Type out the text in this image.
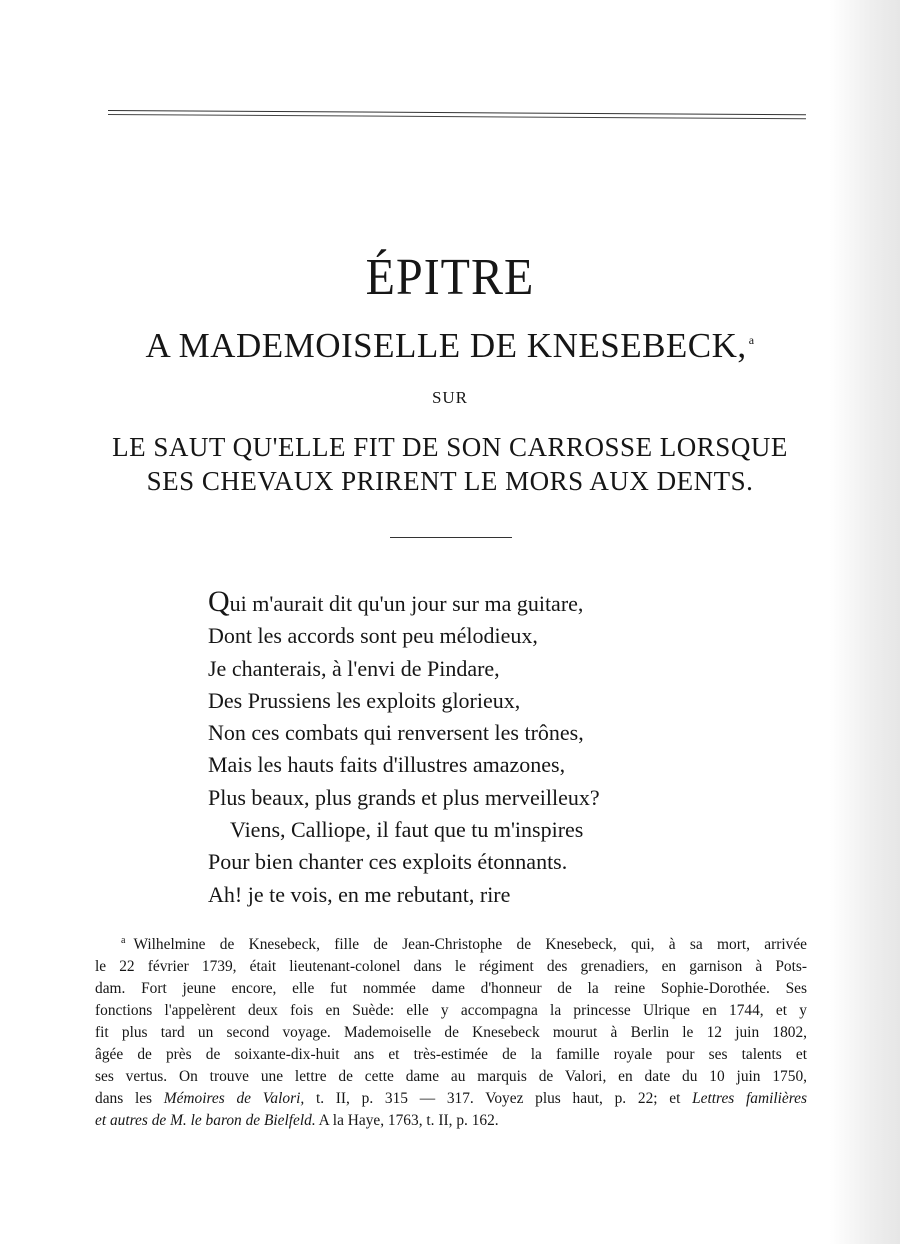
ÉPITRE
A MADEMOISELLE DE KNESEBECK, $^a$
SUR
LE SAUT QU'ELLE FIT DE SON CARROSSE LORSQUE
SES CHEVAUX PRIRENT LE MORS AUX DENTS.
Qui m'aurait dit qu'un jour sur ma guitare,
Dont les accords sont peu mélodieux,
Je chanterais, à l'envi de Pindare,
Des Prussiens les exploits glorieux,
Non ces combats qui renversent les trônes,
Mais les hauts faits d'illustres amazones,
Plus beaux, plus grands et plus merveilleux?
Viens, Calliope, il faut que tu m'inspires
Pour bien chanter ces exploits étonnants.
Ah! je te vois, en me rebutant, rire
$^a$ Wilhelmine de Knesebeck, fille de Jean-Christophe de Knesebeck, qui, à sa mort, arrivée
le 22 février 1739, était lieutenant-colonel dans le régiment des grenadiers, en garnison à Pots-
dam. Fort jeune encore, elle fut nommée dame d'honneur de la reine Sophie-Dorothée. Ses
fonctions l'appelèrent deux fois en Suède: elle y accompagna la princesse Ulrique en 1744, et y
fit plus tard un second voyage. Mademoiselle de Knesebeck mourut à Berlin le 12 juin 1802,
âgée de près de soixante-dix-huit ans et très-estimée de la famille royale pour ses talents et
ses vertus. On trouve une lettre de cette dame au marquis de Valori, en date du 10 juin 1750,
dans les Mémoires de Valori, t. II, p. 315 — 317. Voyez plus haut, p. 22; et Lettres familières
et autres de M. le baron de Bielfeld. A la Haye, 1763, t. II, p. 162.
